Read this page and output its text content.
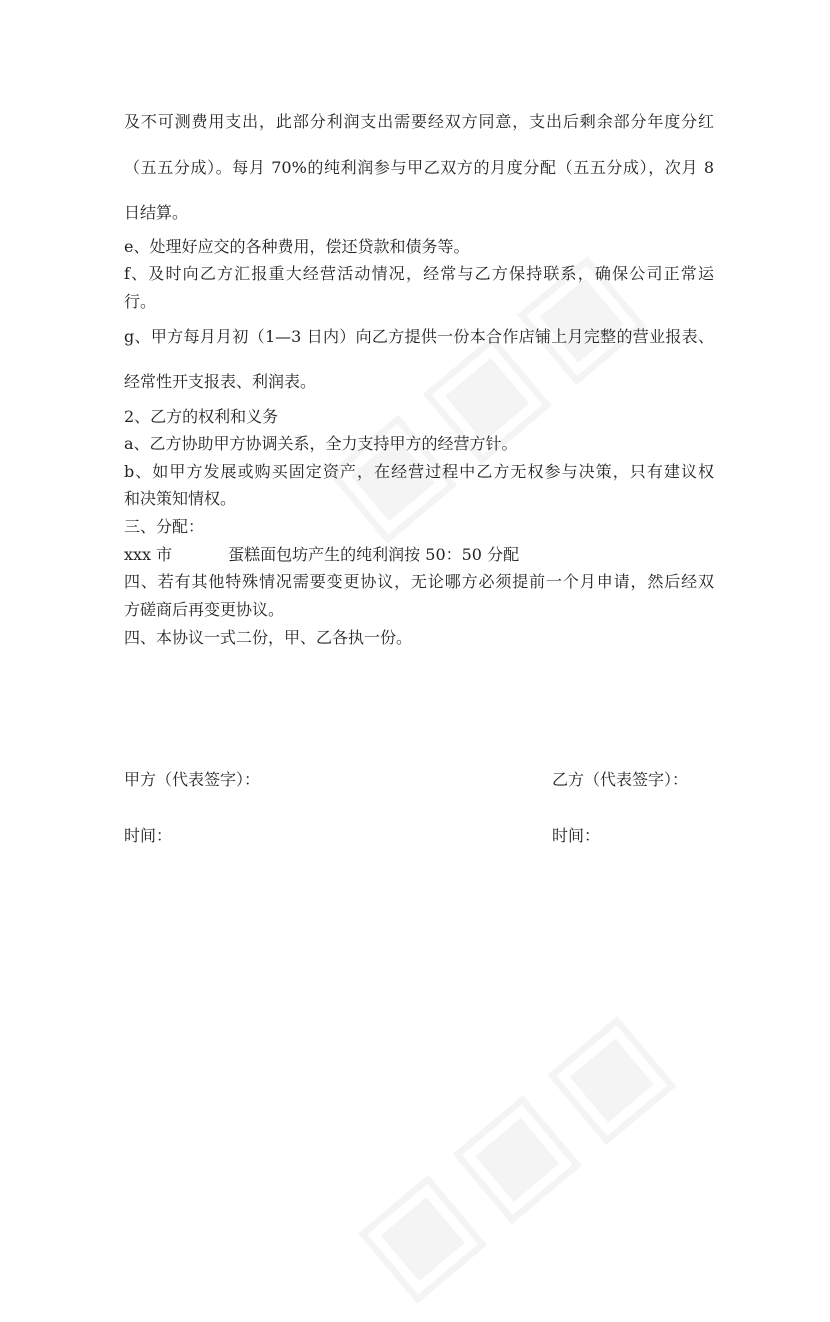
及不可测费用支出，此部分利润支出需要经双方同意，支出后剩余部分年度分红
（五五分成）。每月 70%的纯利润参与甲乙双方的月度分配（五五分成），次月 8
日结算。
e、处理好应交的各种费用，偿还贷款和债务等。
f、及时向乙方汇报重大经营活动情况，经常与乙方保持联系，确保公司正常运
行。
g、甲方每月月初（1—3 日内）向乙方提供一份本合作店铺上月完整的营业报表、
经常性开支报表、利润表。
2、乙方的权利和义务
a、乙方协助甲方协调关系，全力支持甲方的经营方针。
b、如甲方发展或购买固定资产，在经营过程中乙方无权参与决策，只有建议权
和决策知情权。
三、分配：
xxx 市	蛋糕面包坊产生的纯利润按 50：50 分配
四、若有其他特殊情况需要变更协议，无论哪方必须提前一个月申请，然后经双
方磋商后再变更协议。
四、本协议一式二份，甲、乙各执一份。
甲方（代表签字）：	乙方（代表签字）：
时间：	时间：
